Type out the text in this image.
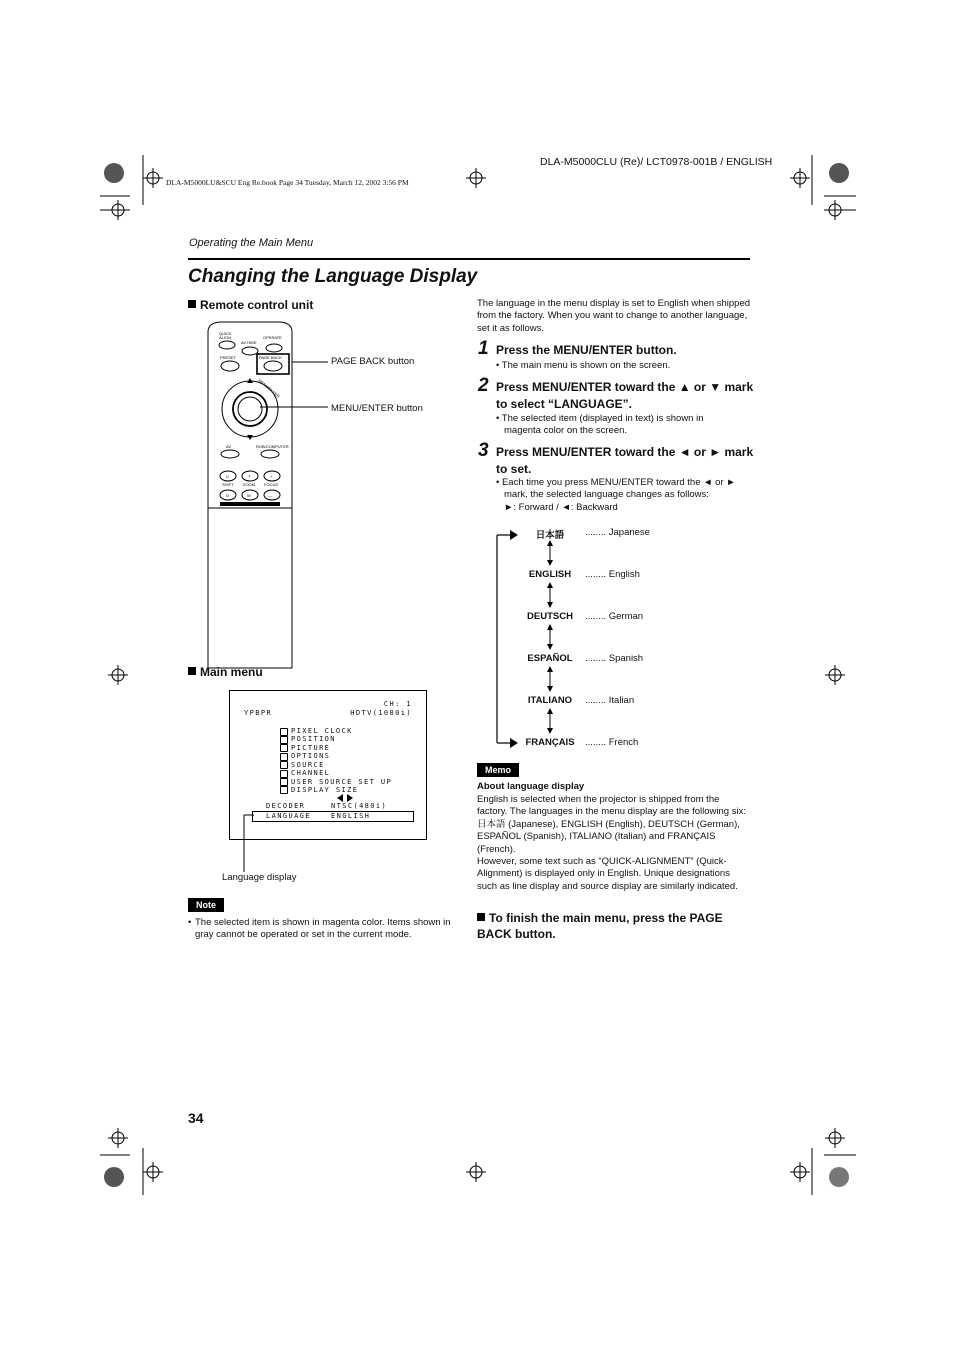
DLA-M5000CLU (Re)/ LCT0978-001B / ENGLISH
DLA-M5000LU&SCU Eng Re.book Page 34 Tuesday, March 12, 2002 3:56 PM
Operating the Main Menu
Changing the Language Display
Remote control unit
QUICK
ALIGN.
AV HIDE
OPERATE
PRESET	PAGE BACK
MENU/ENTER
AV	RGB/COMPUTER
U	T	+
SHIFT ZOOM FOCUS
D	W	—
PAGE BACK button
MENU/ENTER button
Main menu
CH: 1
YPBPR	HDTV(1080i)
PIXEL CLOCK
POSITION
PICTURE
OPTIONS
SOURCE
CHANNEL
USER SOURCE SET UP
DISPLAY SIZE
DECODER	NTSC(480i)
LANGUAGE	ENGLISH
Language display
Note
• The selected item is shown in magenta color. Items shown in gray cannot be operated or set in the current mode.
The language in the menu display is set to English when shipped from the factory. When you want to change to another language, set it as follows.
1 Press the MENU/ENTER button.
• The main menu is shown on the screen.
2 Press MENU/ENTER toward the ▲ or ▼ mark to select “LANGUAGE”.
• The selected item (displayed in text) is shown in magenta color on the screen.
3 Press MENU/ENTER toward the ◄ or ► mark to set.
• Each time you press MENU/ENTER toward the ◄ or ► mark, the selected language changes as follows:
►: Forward / ◄: Backward
日本語	........ Japanese
ENGLISH	........ English
DEUTSCH	........ German
ESPAÑOL	........ Spanish
ITALIANO	........ Italian
FRANÇAIS	........ French
Memo
About language display
English is selected when the projector is shipped from the factory. The languages in the menu display are the following six: 日本語 (Japanese), ENGLISH (English), DEUTSCH (German), ESPAÑOL (Spanish), ITALIANO (Italian) and FRANÇAIS (French).
However, some text such as “QUICK-ALIGNMENT” (Quick-Alignment) is displayed only in English. Unique designations such as line display and source display are similarly indicated.
To finish the main menu, press the PAGE BACK button.
34
